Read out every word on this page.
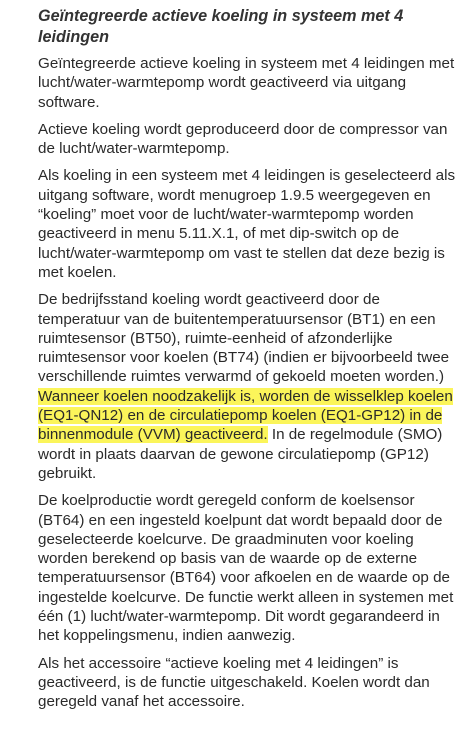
Geïntegreerde actieve koeling in systeem met 4 leidingen

Geïntegreerde actieve koeling in systeem met 4 leidingen met lucht/water-warmtepomp wordt geactiveerd via uitgang software.

Actieve koeling wordt geproduceerd door de compressor van de lucht/water-warmtepomp.

Als koeling in een systeem met 4 leidingen is geselecteerd als uitgang software, wordt menugroep 1.9.5 weergegeven en “koeling” moet voor de lucht/water-warmtepomp worden geactiveerd in menu 5.11.X.1, of met dip-switch op de lucht/water-warmtepomp om vast te stellen dat deze bezig is met koelen.

De bedrijfsstand koeling wordt geactiveerd door de temperatuur van de buitentemperatuursensor (BT1) en een ruimtesensor (BT50), ruimte-eenheid of afzonderlijke ruimtesensor voor koelen (BT74) (indien er bijvoorbeeld twee verschillende ruimtes verwarmd of gekoeld moeten worden.) Wanneer koelen noodzakelijk is, worden de wisselklep koelen (EQ1-QN12) en de circulatiepomp koelen (EQ1-GP12) in de binnenmodule (VVM) geactiveerd. In de regelmodule (SMO) wordt in plaats daarvan de gewone circulatiepomp (GP12) gebruikt.

De koelproductie wordt geregeld conform de koelsensor (BT64) en een ingesteld koelpunt dat wordt bepaald door de geselecteerde koelcurve. De graadminuten voor koeling worden berekend op basis van de waarde op de externe temperatuursensor (BT64) voor afkoelen en de waarde op de ingestelde koelcurve. De functie werkt alleen in systemen met één (1) lucht/water-warmtepomp. Dit wordt gegarandeerd in het koppelingsmenu, indien aanwezig.

Als het accessoire “actieve koeling met 4 leidingen” is geactiveerd, is de functie uitgeschakeld. Koelen wordt dan geregeld vanaf het accessoire.
